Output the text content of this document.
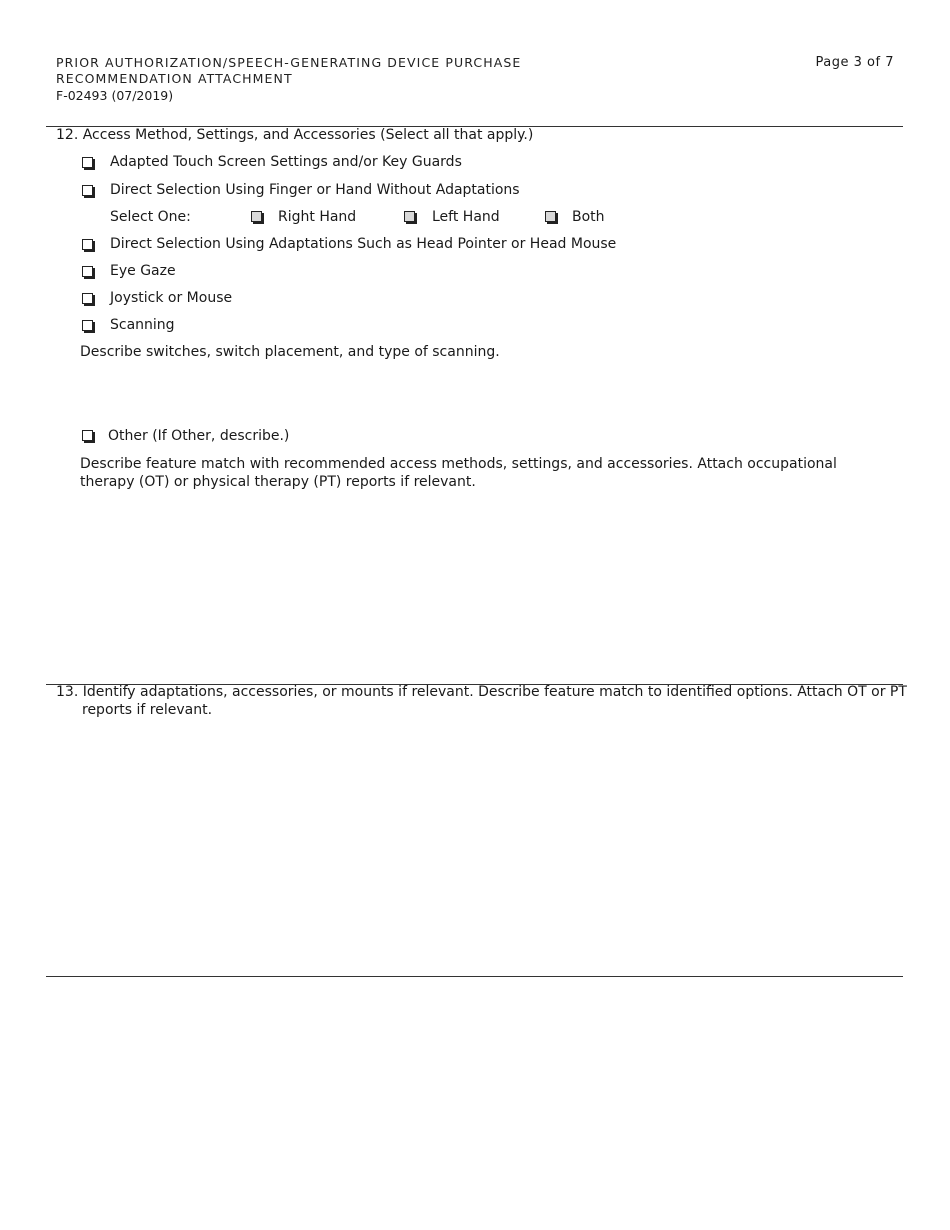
PRIOR AUTHORIZATION/SPEECH-GENERATING DEVICE PURCHASE
RECOMMENDATION ATTACHMENT
F-02493 (07/2019)
Page 3 of 7
12. Access Method, Settings, and Accessories (Select all that apply.)
Adapted Touch Screen Settings and/or Key Guards
Direct Selection Using Finger or Hand Without Adaptations
Select One:	Right Hand	Left Hand	Both
Direct Selection Using Adaptations Such as Head Pointer or Head Mouse
Eye Gaze
Joystick or Mouse
Scanning
Describe switches, switch placement, and type of scanning.
Other (If Other, describe.)
Describe feature match with recommended access methods, settings, and accessories. Attach occupational therapy (OT) or physical therapy (PT) reports if relevant.
13. Identify adaptations, accessories, or mounts if relevant. Describe feature match to identified options. Attach OT or PT
reports if relevant.
